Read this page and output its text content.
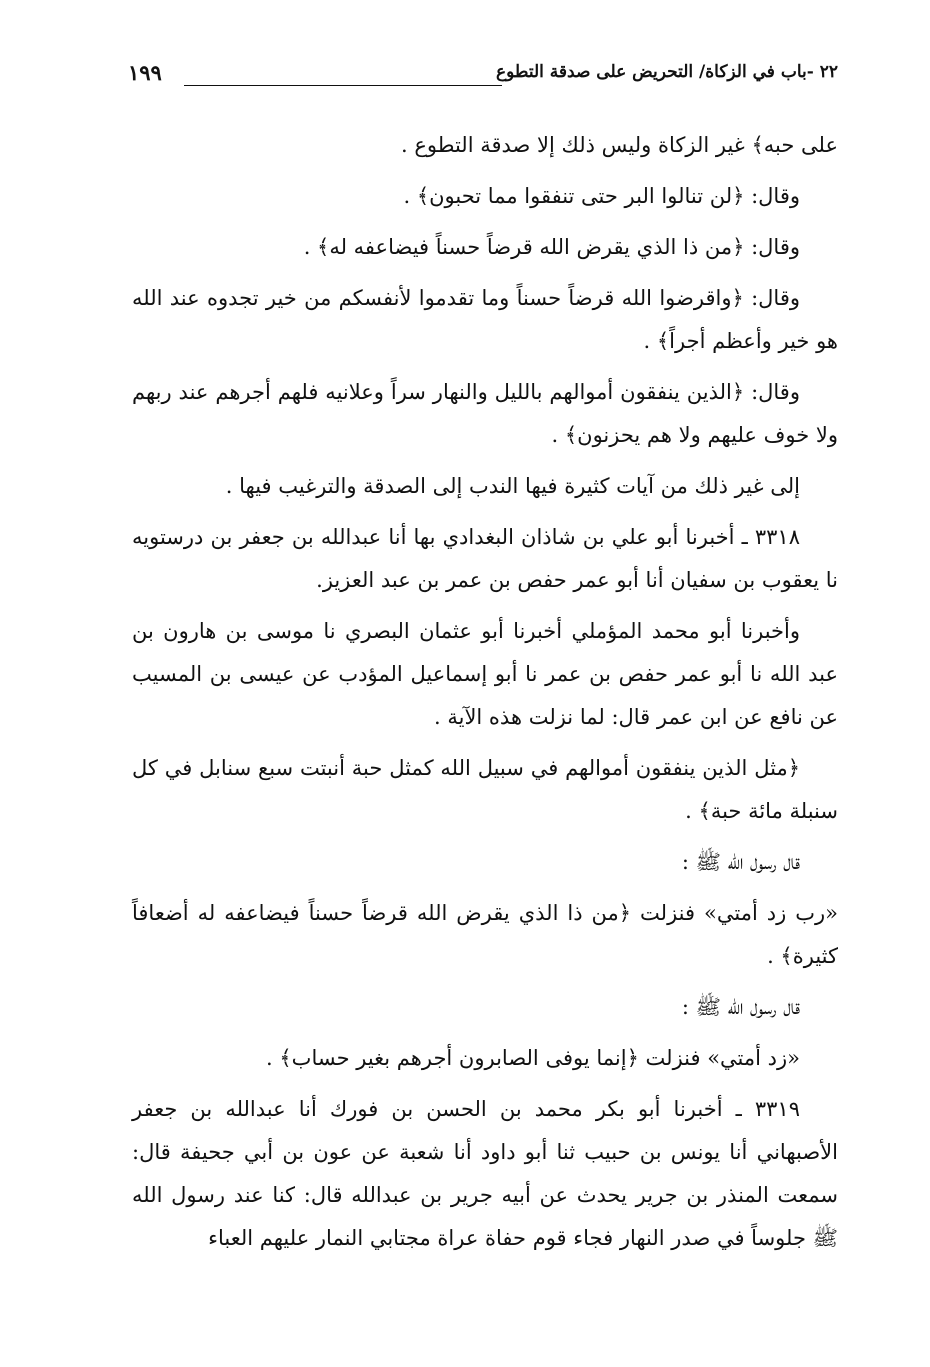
٢٢ -باب في الزكاة/ التحريض على صدقة التطوع
١٩٩

على حبه﴾ غير الزكاة وليس ذلك إلا صدقة التطوع .

وقال: ﴿لن تنالوا البر حتى تنفقوا مما تحبون﴾ .

وقال: ﴿من ذا الذي يقرض الله قرضاً حسناً فيضاعفه له﴾ .

وقال: ﴿واقرضوا الله قرضاً حسناً وما تقدموا لأنفسكم من خير تجدوه عند الله هو خير وأعظم أجراً﴾ .

وقال: ﴿الذين ينفقون أموالهم بالليل والنهار سراً وعلانيه فلهم أجرهم عند ربهم ولا خوف عليهم ولا هم يحزنون﴾ .

إلى غير ذلك من آيات كثيرة فيها الندب إلى الصدقة والترغيب فيها .

٣٣١٨ ـ أخبرنا أبو علي بن شاذان البغدادي بها أنا عبدالله بن جعفر بن درستويه نا يعقوب بن سفيان أنا أبو عمر حفص بن عمر بن عبد العزيز.

وأخبرنا أبو محمد المؤملي أخبرنا أبو عثمان البصري نا موسى بن هارون بن عبد الله نا أبو عمر حفص بن عمر نا أبو إسماعيل المؤدب عن عيسى بن المسيب عن نافع عن ابن عمر قال: لما نزلت هذه الآية .

﴿مثل الذين ينفقون أموالهم في سبيل الله كمثل حبة أنبتت سبع سنابل في كل سنبلة مائة حبة﴾ .

قال رسول الله ﷺ :

«رب زد أمتي» فنزلت ﴿من ذا الذي يقرض الله قرضاً حسناً فيضاعفه له أضعافاً كثيرة﴾ .

قال رسول الله ﷺ :

«زد أمتي» فنزلت ﴿إنما يوفى الصابرون أجرهم بغير حساب﴾ .

٣٣١٩ ـ أخبرنا أبو بكر محمد بن الحسن بن فورك أنا عبدالله بن جعفر الأصبهاني أنا يونس بن حبيب ثنا أبو داود أنا شعبة عن عون بن أبي جحيفة قال: سمعت المنذر بن جرير يحدث عن أبيه جرير بن عبدالله قال: كنا عند رسول الله ﷺ جلوساً في صدر النهار فجاء قوم حفاة عراة مجتابي النمار عليهم العباء
